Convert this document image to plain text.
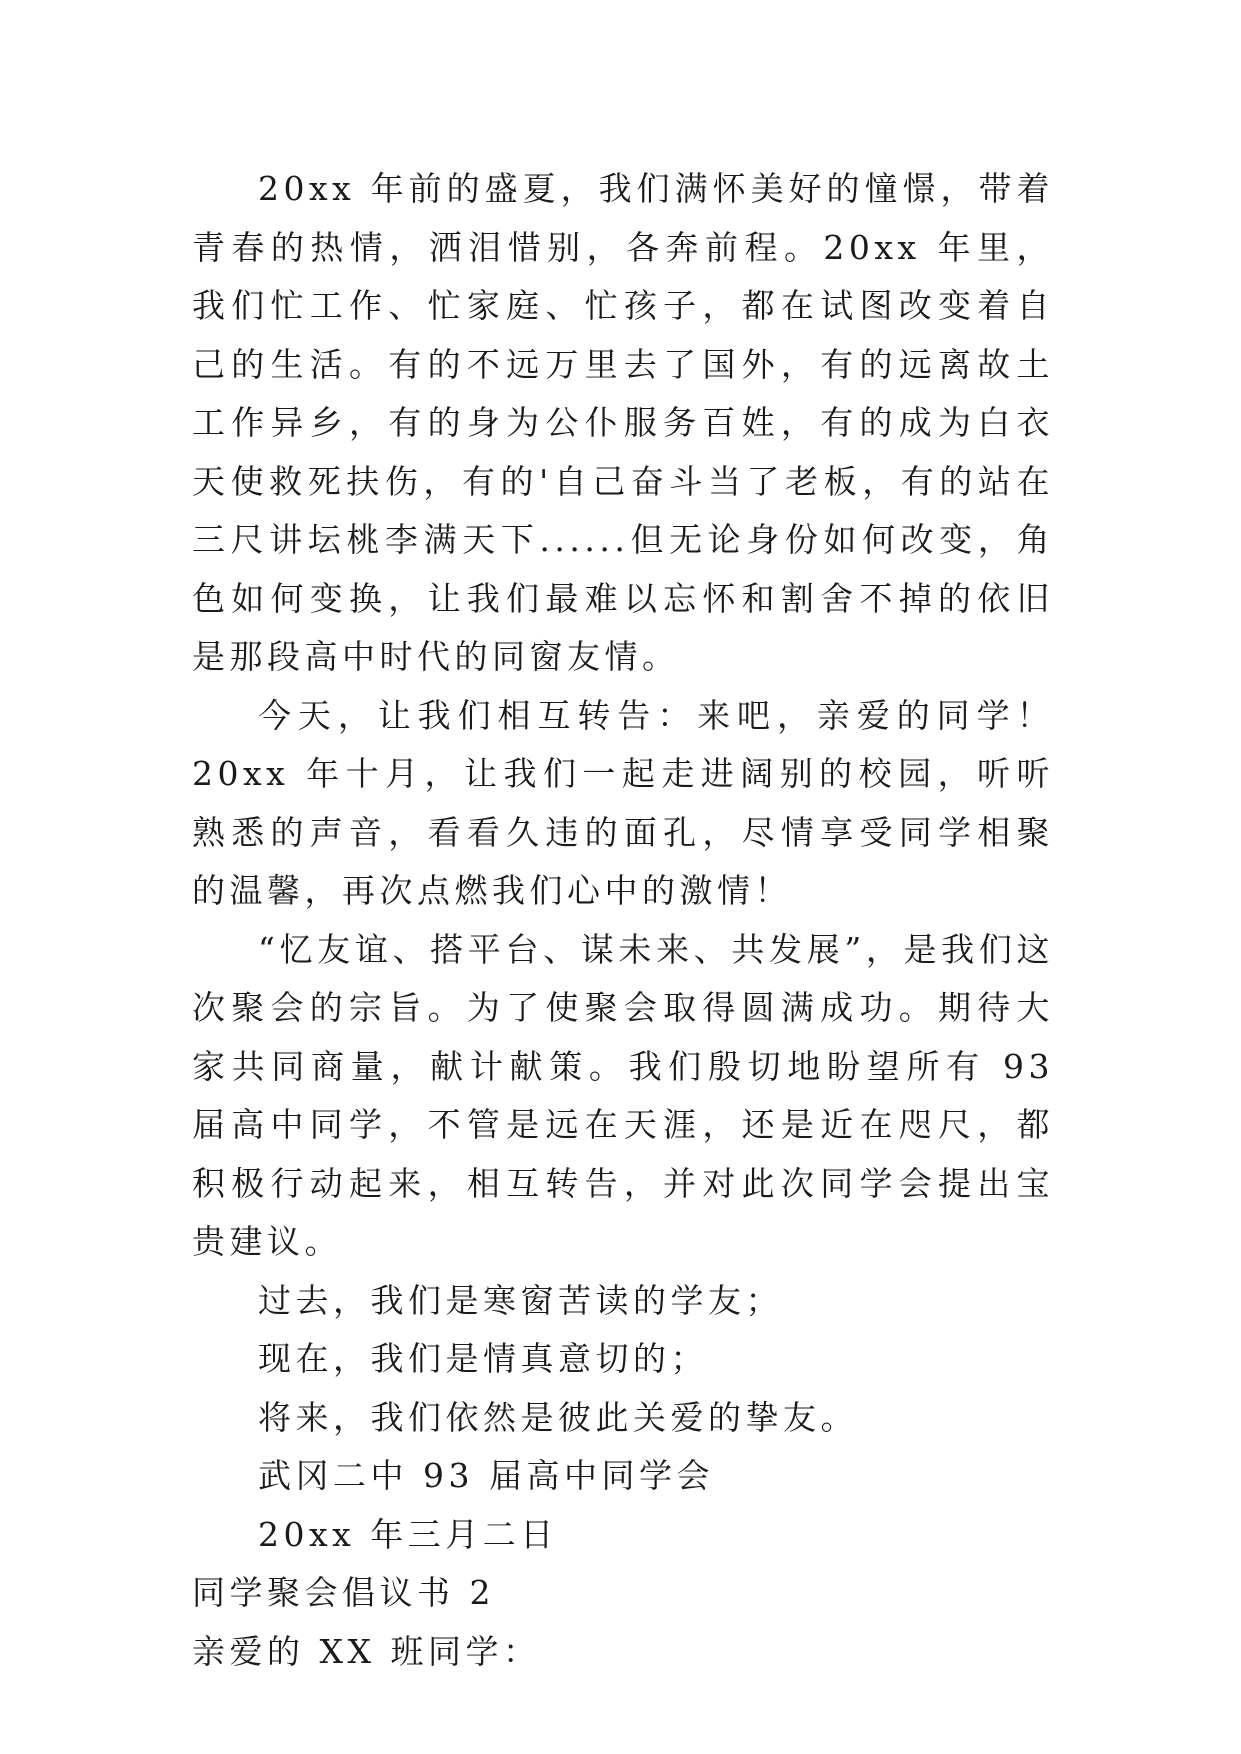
20xx 年前的盛夏，我们满怀美好的憧憬，带着青春的热情，洒泪惜别，各奔前程。20xx 年里，我们忙工作、忙家庭、忙孩子，都在试图改变着自己的生活。有的不远万里去了国外，有的远离故土工作异乡，有的身为公仆服务百姓，有的成为白衣天使救死扶伤，有的'自己奋斗当了老板，有的站在三尺讲坛桃李满天下......但无论身份如何改变，角色如何变换，让我们最难以忘怀和割舍不掉的依旧是那段高中时代的同窗友情。

今天，让我们相互转告：来吧，亲爱的同学！20xx 年十月，让我们一起走进阔别的校园，听听熟悉的声音，看看久违的面孔，尽情享受同学相聚的温馨，再次点燃我们心中的激情！

“忆友谊、搭平台、谋未来、共发展”，是我们这次聚会的宗旨。为了使聚会取得圆满成功。期待大家共同商量，献计献策。我们殷切地盼望所有 93 届高中同学，不管是远在天涯，还是近在咫尺，都积极行动起来，相互转告，并对此次同学会提出宝贵建议。

过去，我们是寒窗苦读的学友；

现在，我们是情真意切的；

将来，我们依然是彼此关爱的挚友。

武冈二中 93 届高中同学会

20xx 年三月二日

同学聚会倡议书 2

亲爱的 XX 班同学：
